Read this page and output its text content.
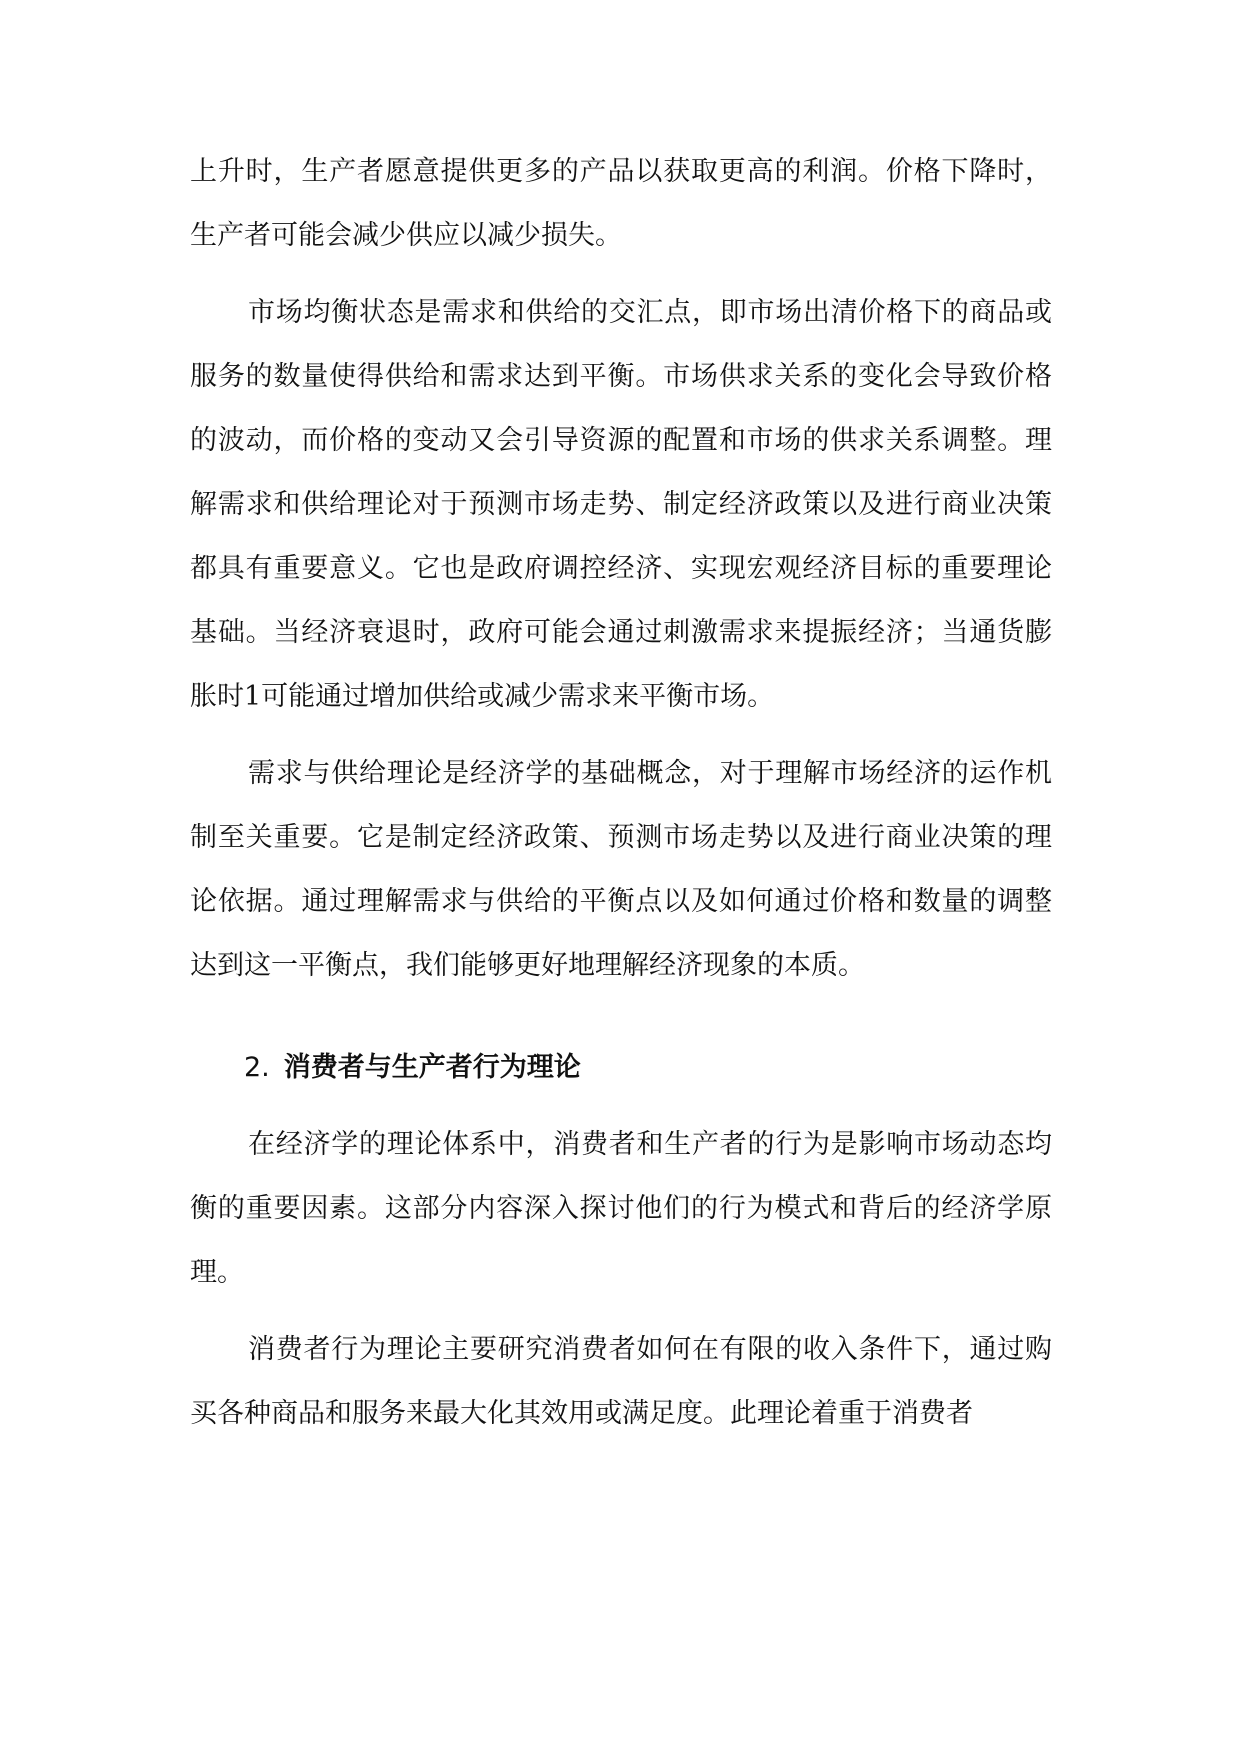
上升时，生产者愿意提供更多的产品以获取更高的利润。价格下降时，生产者可能会减少供应以减少损失。

市场均衡状态是需求和供给的交汇点，即市场出清价格下的商品或服务的数量使得供给和需求达到平衡。市场供求关系的变化会导致价格的波动，而价格的变动又会引导资源的配置和市场的供求关系调整。理解需求和供给理论对于预测市场走势、制定经济政策以及进行商业决策都具有重要意义。它也是政府调控经济、实现宏观经济目标的重要理论基础。当经济衰退时，政府可能会通过刺激需求来提振经济；当通货膨胀时1可能通过增加供给或减少需求来平衡市场。

需求与供给理论是经济学的基础概念，对于理解市场经济的运作机制至关重要。它是制定经济政策、预测市场走势以及进行商业决策的理论依据。通过理解需求与供给的平衡点以及如何通过价格和数量的调整达到这一平衡点，我们能够更好地理解经济现象的本质。

2. 消费者与生产者行为理论

在经济学的理论体系中，消费者和生产者的行为是影响市场动态均衡的重要因素。这部分内容深入探讨他们的行为模式和背后的经济学原理。

消费者行为理论主要研究消费者如何在有限的收入条件下，通过购买各种商品和服务来最大化其效用或满足度。此理论着重于消费者
